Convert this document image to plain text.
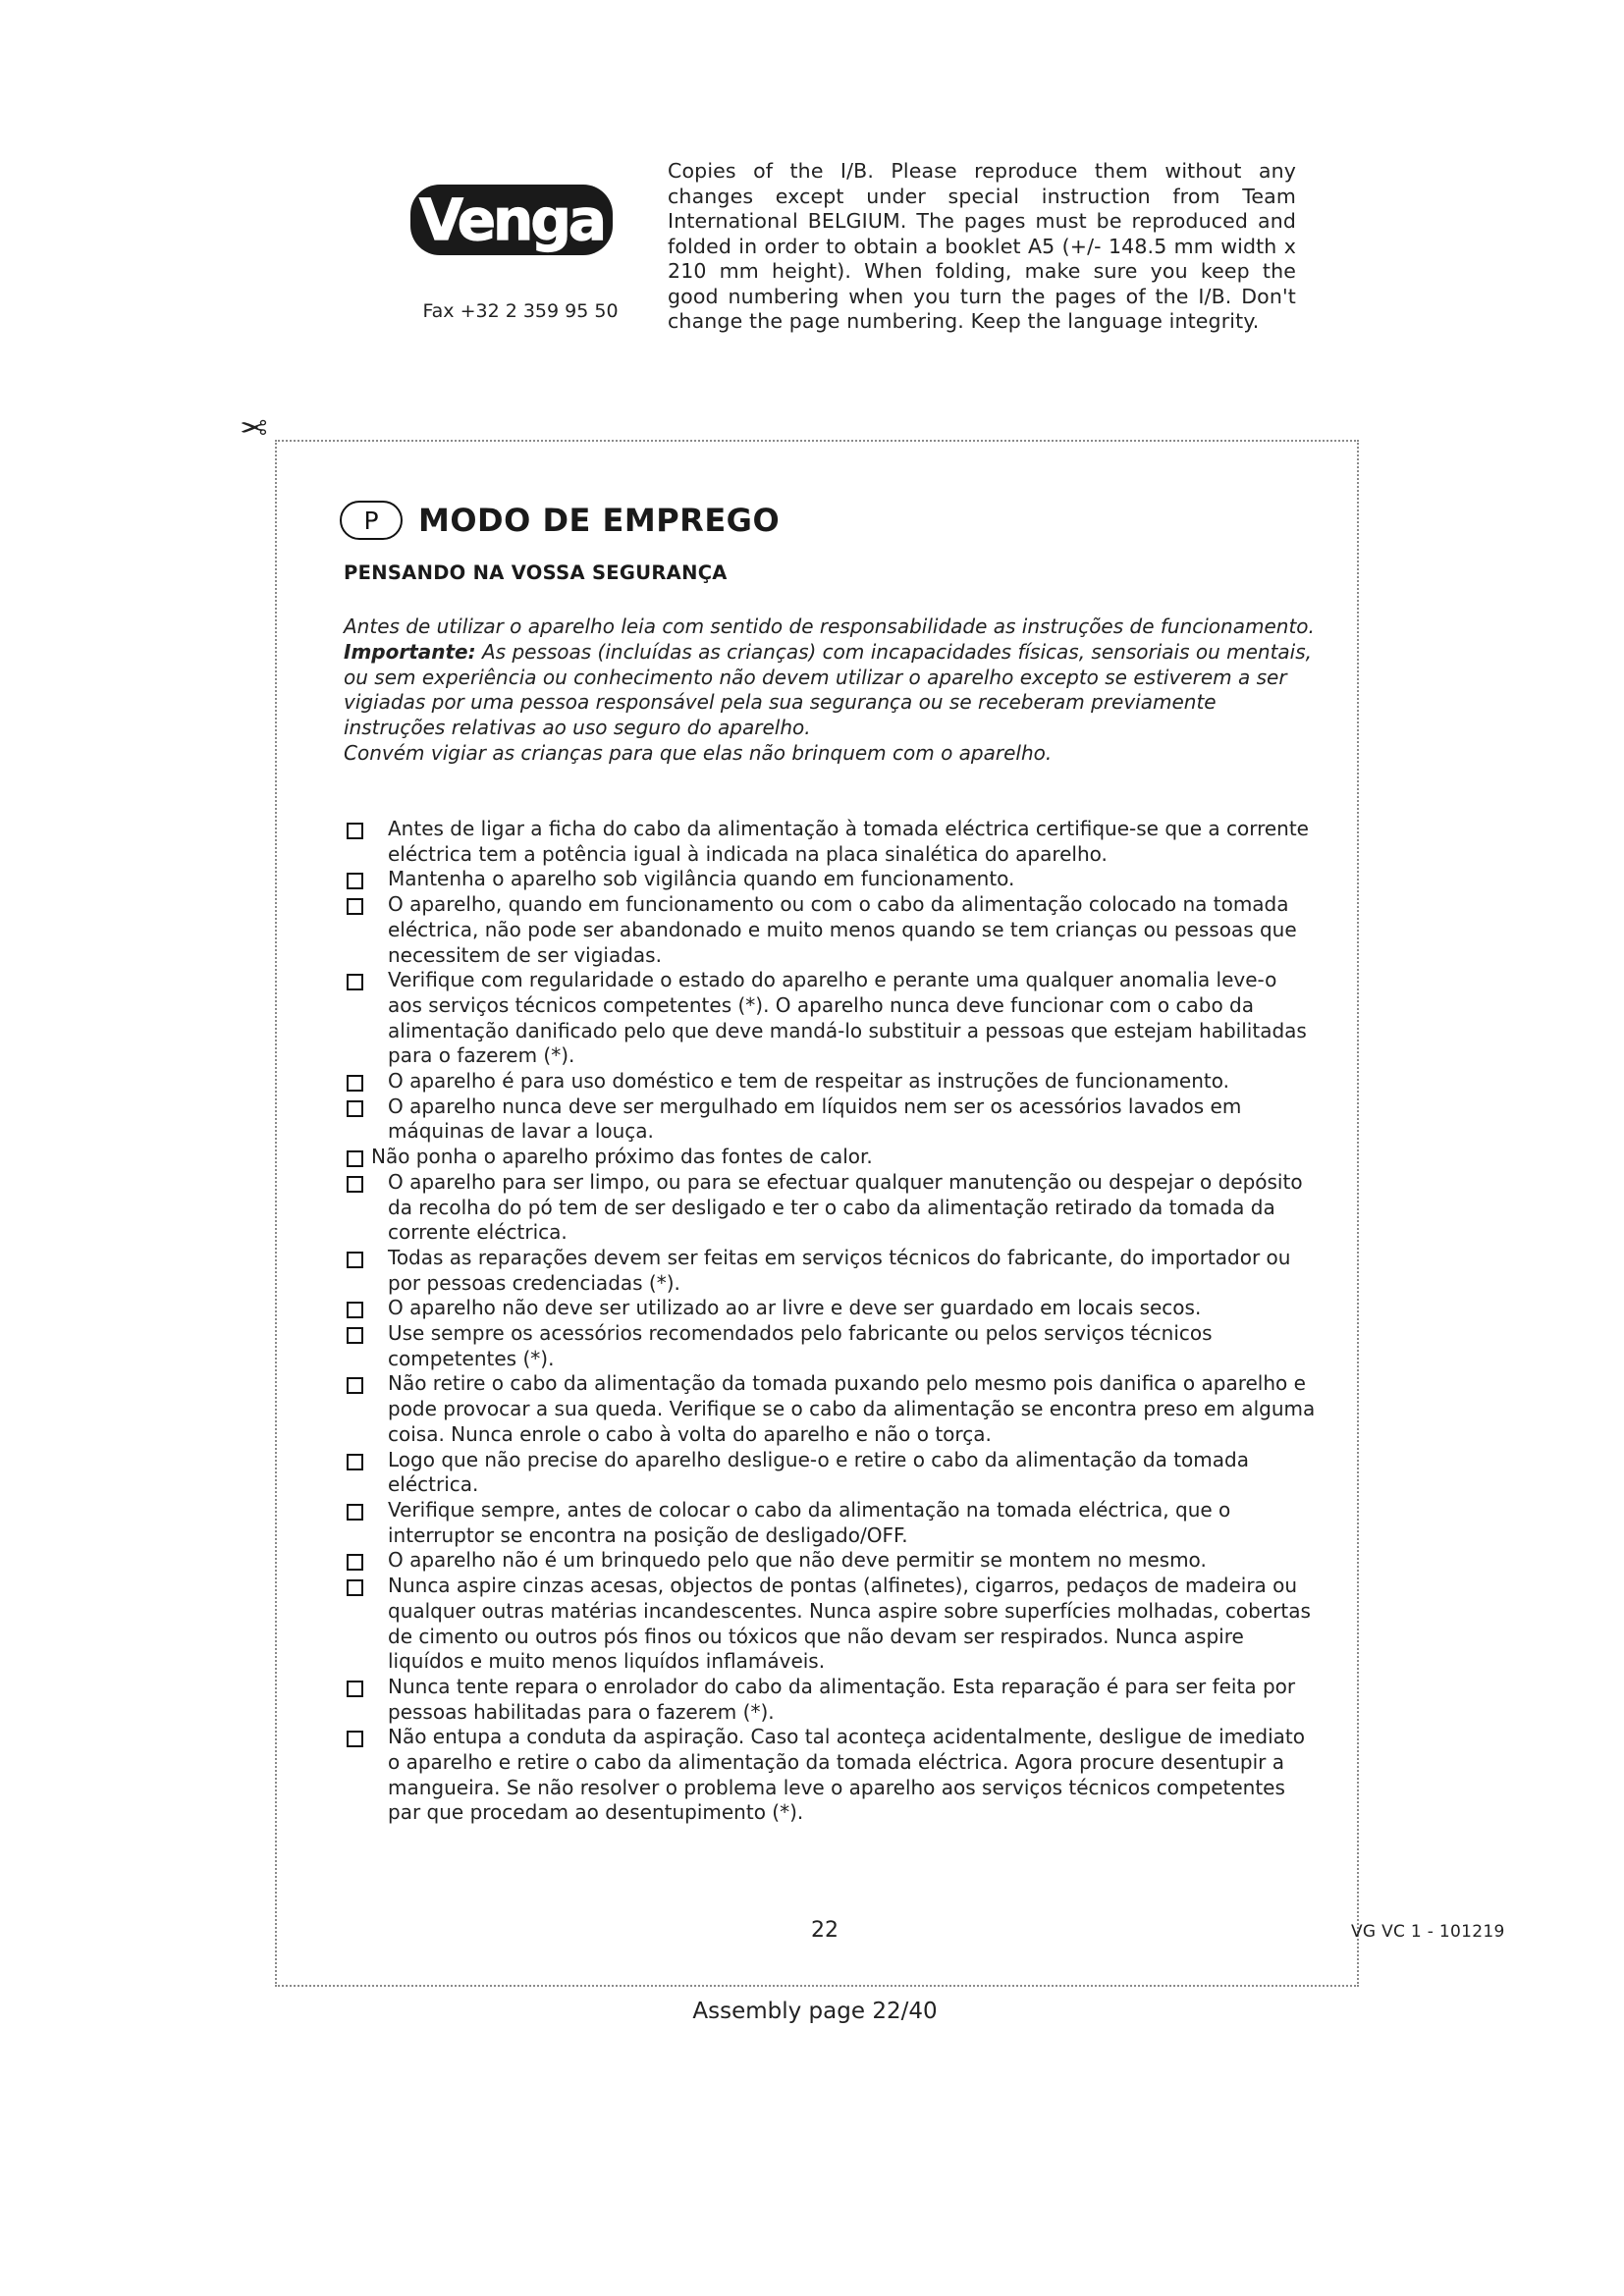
Venga
Fax +32 2 359 95 50
Copies of the I/B. Please reproduce them without any changes except under special instruction from Team International BELGIUM. The pages must be reproduced and folded in order to obtain a booklet A5 (+/- 148.5 mm width x 210 mm height). When folding, make sure you keep the good numbering when you turn the pages of the I/B. Don't change the page numbering. Keep the language integrity.
✂
P	MODO DE EMPREGO
PENSANDO NA VOSSA SEGURANÇA

Antes de utilizar o aparelho leia com sentido de responsabilidade as instruções de funcionamento.

Importante: As pessoas (incluídas as crianças) com incapacidades físicas, sensoriais ou mentais, ou sem experiência ou conhecimento não devem utilizar o aparelho excepto se estiverem a ser vigiadas por uma pessoa responsável pela sua segurança ou se receberam previamente instruções relativas ao uso seguro do aparelho.

Convém vigiar as crianças para que elas não brinquem com o aparelho.

Antes de ligar a ficha do cabo da alimentação à tomada eléctrica certifique-se que a corrente eléctrica tem a potência igual à indicada na placa sinalética do aparelho.
Mantenha o aparelho sob vigilância quando em funcionamento.
O aparelho, quando em funcionamento ou com o cabo da alimentação colocado na tomada eléctrica, não pode ser abandonado e muito menos quando se tem crianças ou pessoas que necessitem de ser vigiadas.
Verifique com regularidade o estado do aparelho e perante uma qualquer anomalia leve-o aos serviços técnicos competentes (*). O aparelho nunca deve funcionar com o cabo da alimentação danificado pelo que deve mandá-lo substituir a pessoas que estejam habilitadas para o fazerem (*).
O aparelho é para uso doméstico e tem de respeitar as instruções de funcionamento.
O aparelho nunca deve ser mergulhado em líquidos nem ser os acessórios lavados em máquinas de lavar a louça.
Não ponha o aparelho próximo das fontes de calor.
O aparelho para ser limpo, ou para se efectuar qualquer manutenção ou despejar o depósito da recolha do pó tem de ser desligado e ter o cabo da alimentação retirado da tomada da corrente eléctrica.
Todas as reparações devem ser feitas em serviços técnicos do fabricante, do importador ou por pessoas credenciadas (*).
O aparelho não deve ser utilizado ao ar livre e deve ser guardado em locais secos.
Use sempre os acessórios recomendados pelo fabricante ou pelos serviços técnicos competentes (*).
Não retire o cabo da alimentação da tomada puxando pelo mesmo pois danifica o aparelho e pode provocar a sua queda. Verifique se o cabo da alimentação se encontra preso em alguma coisa. Nunca enrole o cabo à volta do aparelho e não o torça.
Logo que não precise do aparelho desligue-o e retire o cabo da alimentação da tomada eléctrica.
Verifique sempre, antes de colocar o cabo da alimentação na tomada eléctrica, que o interruptor se encontra na posição de desligado/OFF.
O aparelho não é um brinquedo pelo que não deve permitir se montem no mesmo.
Nunca aspire cinzas acesas, objectos de pontas (alfinetes), cigarros, pedaços de madeira ou qualquer outras matérias incandescentes. Nunca aspire sobre superfícies molhadas, cobertas de cimento ou outros pós finos ou tóxicos que não devam ser respirados. Nunca aspire liquídos e muito menos liquídos inflamáveis.
Nunca tente repara o enrolador do cabo da alimentação. Esta reparação é para ser feita por pessoas habilitadas para o fazerem (*).
Não entupa a conduta da aspiração. Caso tal aconteça acidentalmente, desligue de imediato o aparelho e retire o cabo da alimentação da tomada eléctrica. Agora procure desentupir a mangueira. Se não resolver o problema leve o aparelho aos serviços técnicos competentes par que procedam ao desentupimento (*).
22	VG VC 1 - 101219
Assembly page 22/40
